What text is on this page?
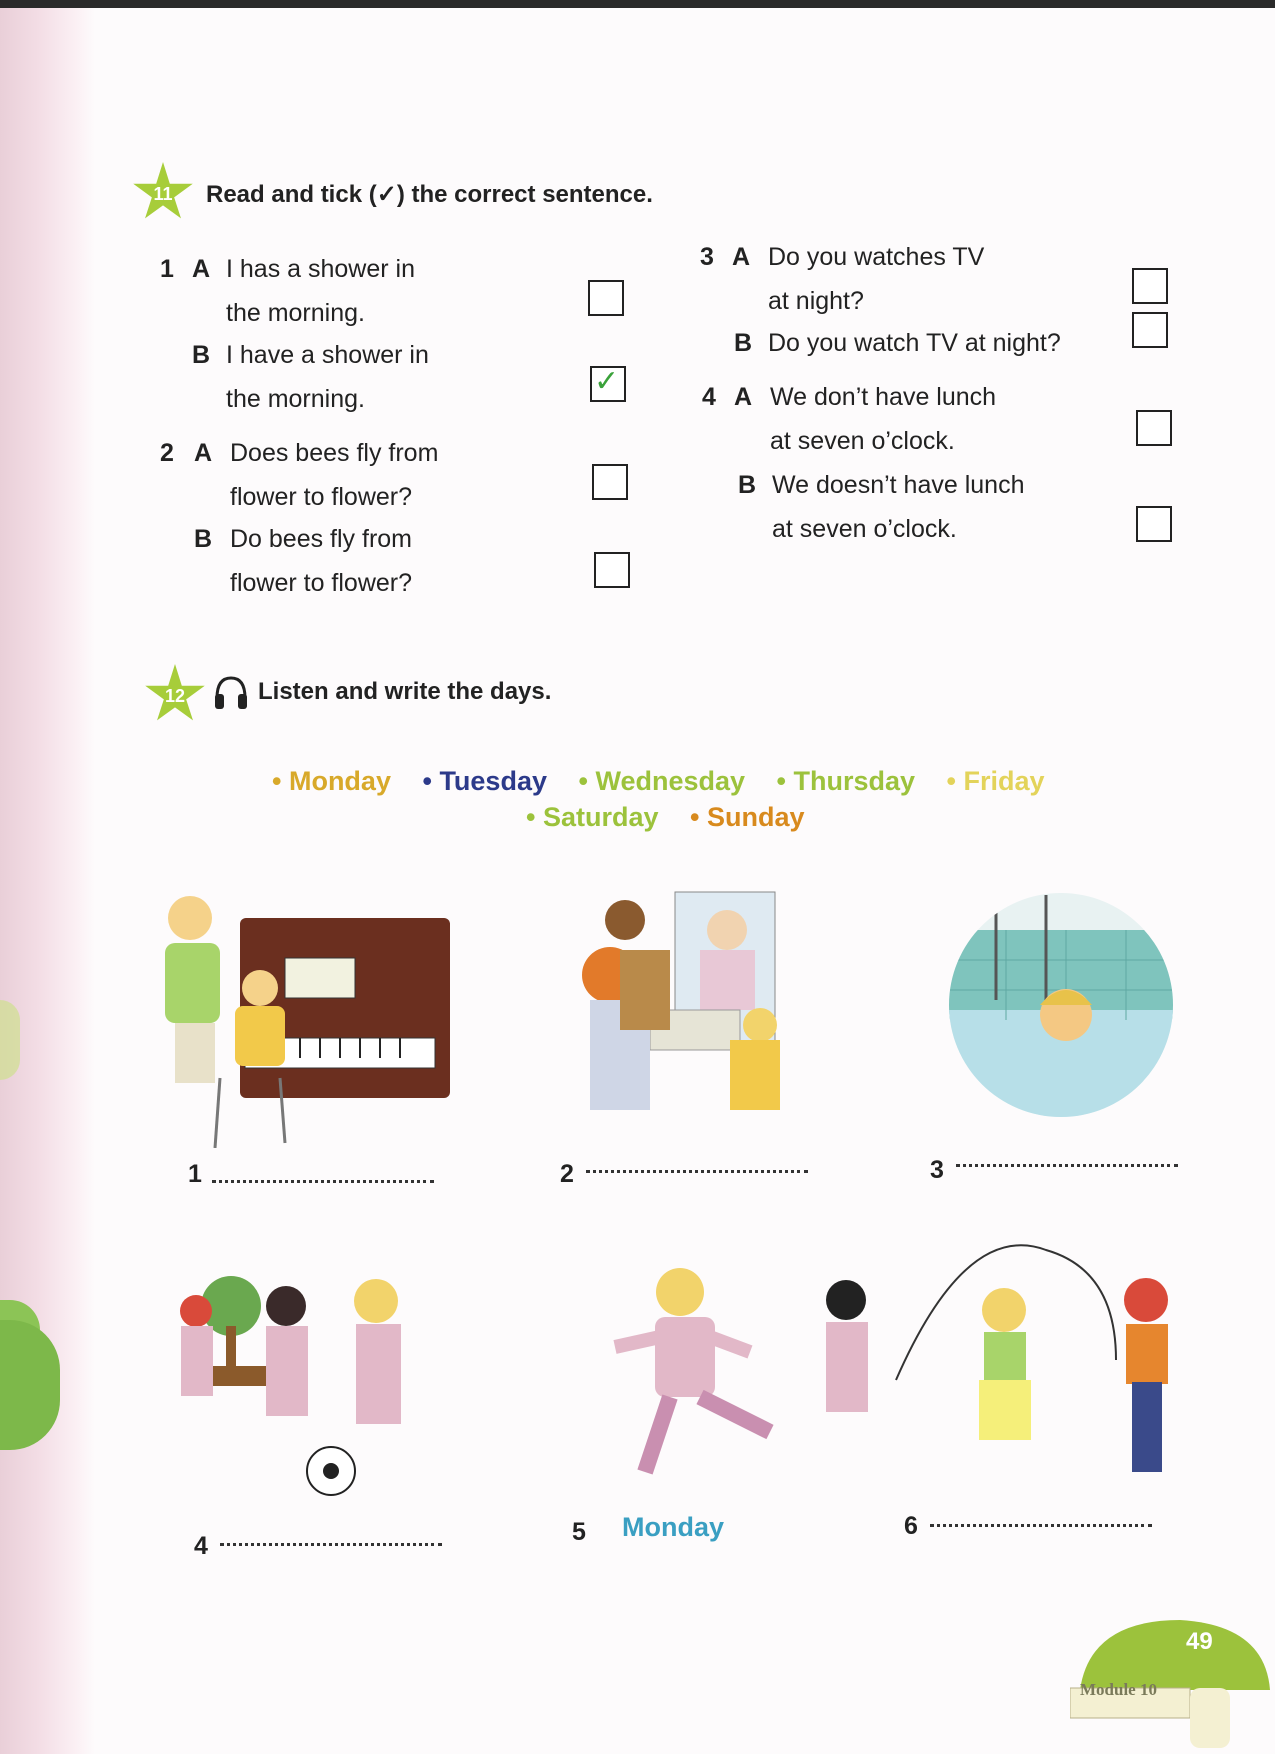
11	Read and tick (✓) the correct sentence.
1 A I has a shower in
the morning.
B I have a shower in
the morning.
✓
2 A Does bees fly from
flower to flower?
B Do bees fly from
flower to flower?
3 A Do you watches TV
at night?
B Do you watch TV at night?
4 A We don’t have lunch
at seven o’clock.
B We doesn’t have lunch
at seven o’clock.
12	Listen and write the days.
• Monday • Tuesday • Wednesday • Thursday • Friday
• Saturday • Sunday
1	2	3
4	5 Monday	6
49
Module 10
